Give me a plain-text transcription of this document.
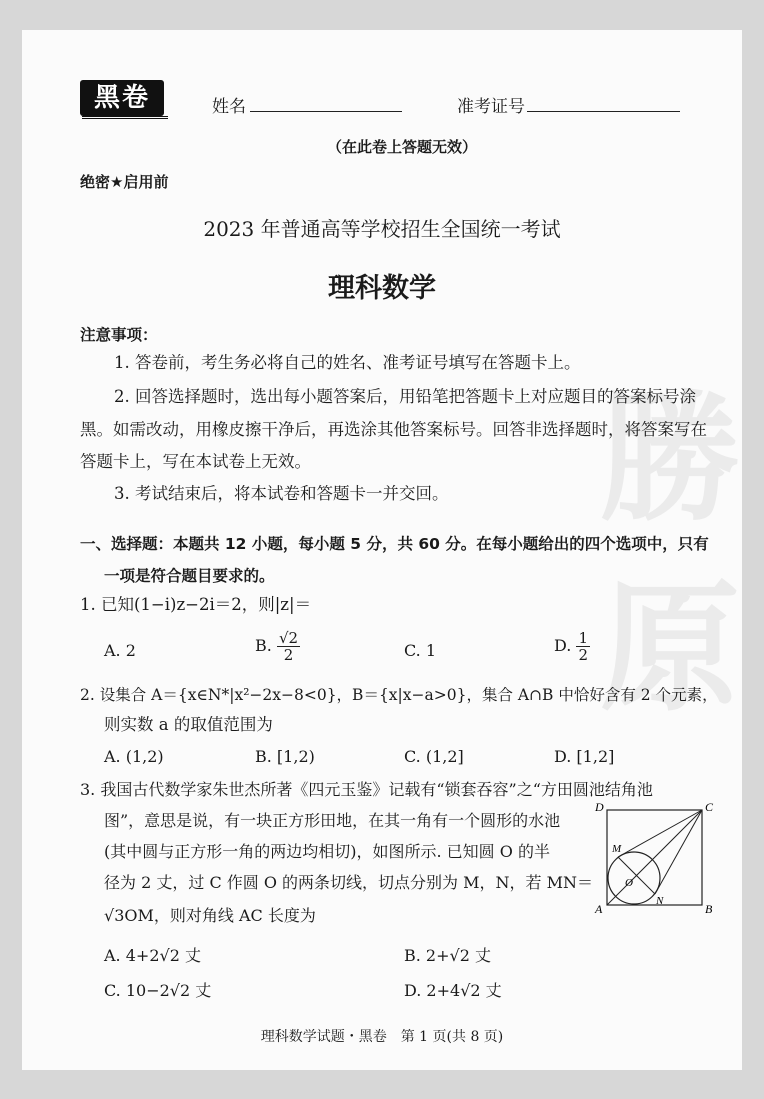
勝
原
黑卷	姓名	准考证号
（在此卷上答题无效）
绝密★启用前
2023 年普通高等学校招生全国统一考试
理科数学
注意事项：
1. 答卷前，考生务必将自己的姓名、准考证号填写在答题卡上。
2. 回答选择题时，选出每小题答案后，用铅笔把答题卡上对应题目的答案标号涂
黑。如需改动，用橡皮擦干净后，再选涂其他答案标号。回答非选择题时，将答案写在
答题卡上，写在本试卷上无效。
3. 考试结束后，将本试卷和答题卡一并交回。
一、选择题：本题共 12 小题，每小题 5 分，共 60 分。在每小题给出的四个选项中，只有
一项是符合题目要求的。
1. 已知(1−i)z−2i＝2，则|z|＝
A. 2	B. $\frac{√2}{2}$	C. 1	D. $\frac{1}{2}$
2. 设集合 A＝{x∈N*|x²−2x−8<0}，B＝{x|x−a>0}，集合 A∩B 中恰好含有 2 个元素，
则实数 a 的取值范围为
A. (1,2)	B. [1,2)	C. (1,2]	D. [1,2]
3. 我国古代数学家朱世杰所著《四元玉鉴》记载有“锁套吞容”之“方田圆池结角池
图”，意思是说，有一块正方形田地，在其一角有一个圆形的水池
(其中圆与正方形一角的两边均相切)，如图所示. 已知圆 O 的半
径为 2 丈，过 C 作圆 O 的两条切线，切点分别为 M，N，若 MN＝
√3OM，则对角线 AC 长度为
D	C
A	B
M
N
O
A. 4+2√2 丈	B. 2+√2 丈
C. 10−2√2 丈	D. 2+4√2 丈
理科数学试题・黑卷　第 1 页(共 8 页)
